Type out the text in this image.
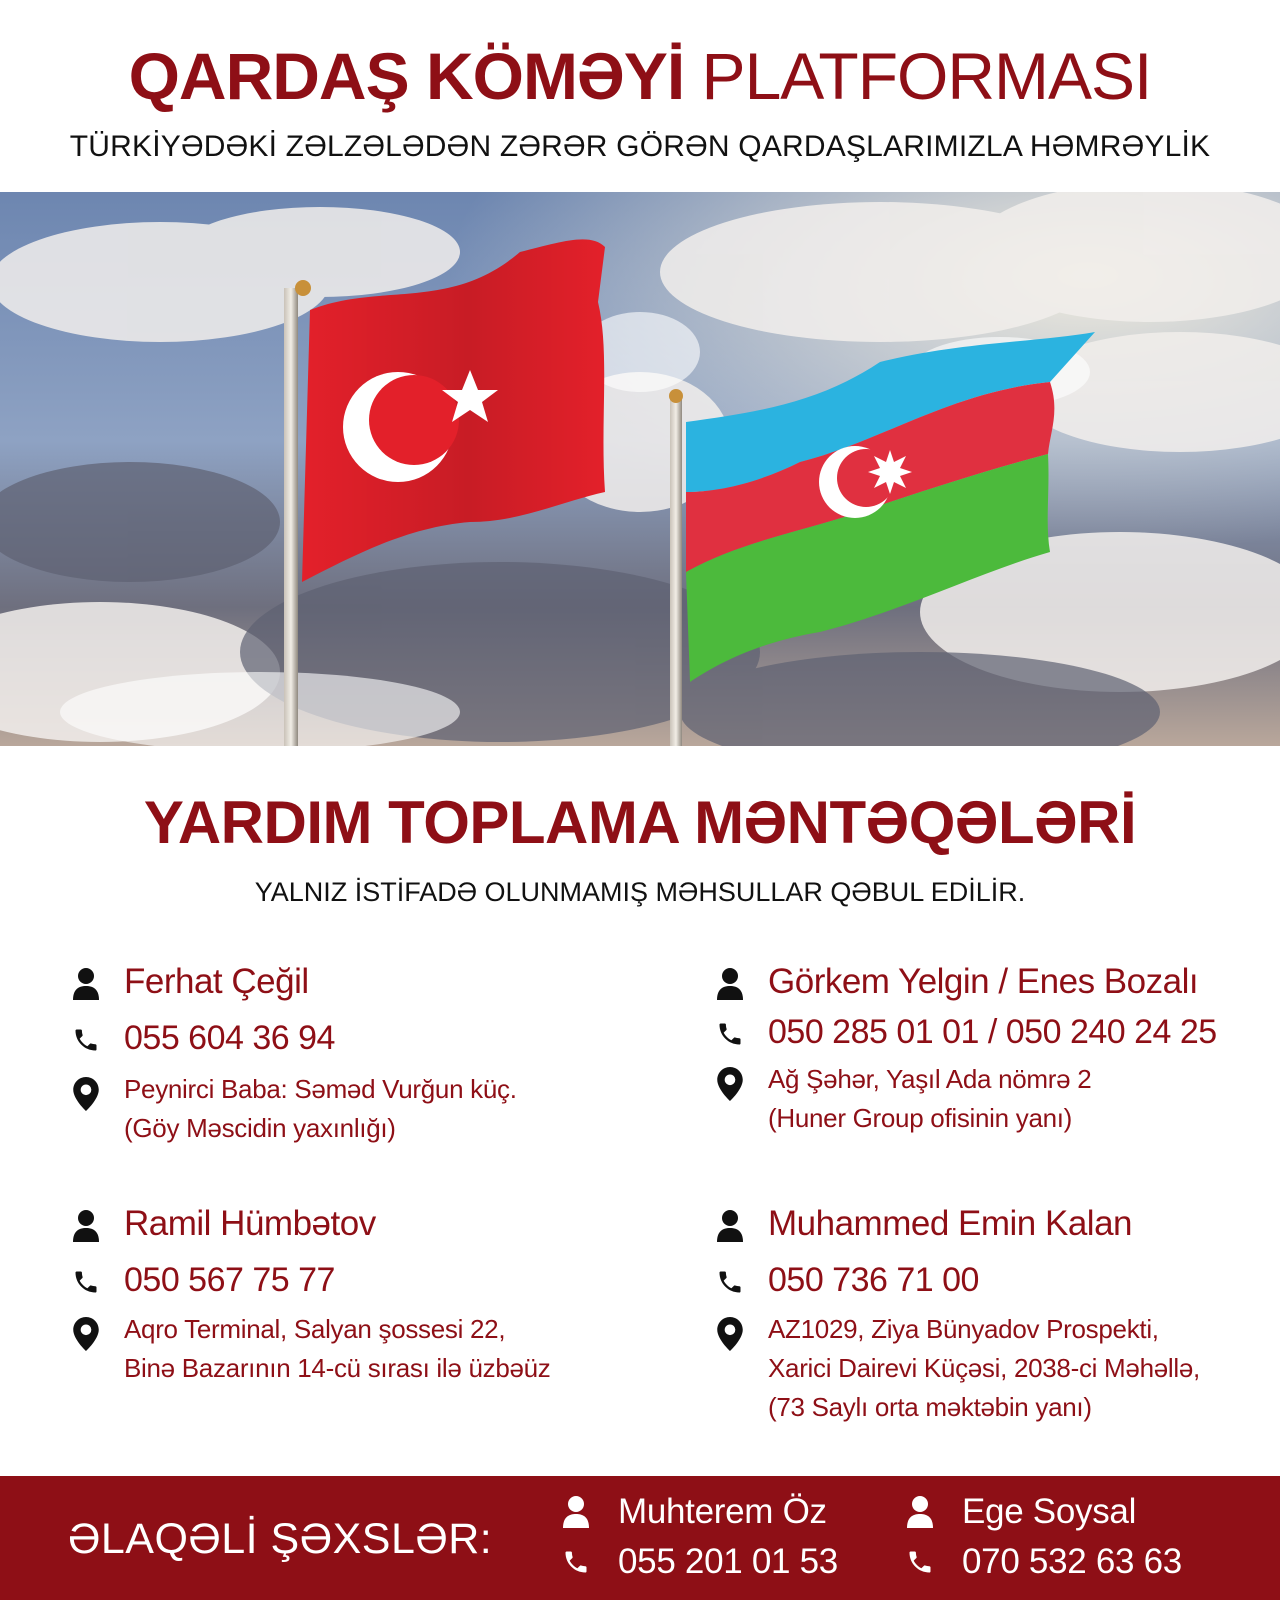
QARDAŞ KÖMƏYİ PLATFORMASI
TÜRKİYƏDƏKİ ZƏLZƏLƏDƏN ZƏRƏR GÖRƏN QARDAŞLARIMIZLA HƏMRƏYLİK
YARDIM TOPLAMA MƏNTƏQƏLƏRİ
YALNIZ İSTİFADƏ OLUNMAMIŞ MƏHSULLAR QƏBUL EDİLİR.
Ferhat Çeğil
055 604 36 94
Peynirci Baba: Səməd Vurğun küç.
(Göy Məscidin yaxınlığı)
Görkem Yelgin / Enes Bozalı
050 285 01 01 / 050 240 24 25
Ağ Şəhər, Yaşıl Ada nömrə 2
(Huner Group ofisinin yanı)
Ramil Hümbətov
050 567 75 77
Aqro Terminal, Salyan şossesi 22,
Binə Bazarının 14-cü sırası ilə üzbəüz
Muhammed Emin Kalan
050 736 71 00
AZ1029, Ziya Bünyadov Prospekti,
Xarici Dairevi Küçəsi, 2038-ci Məhəllə,
(73 Saylı orta məktəbin yanı)
ƏLAQƏLİ ŞƏXSLƏR:
Muhterem Öz
055 201 01 53
Ege Soysal
070 532 63 63
